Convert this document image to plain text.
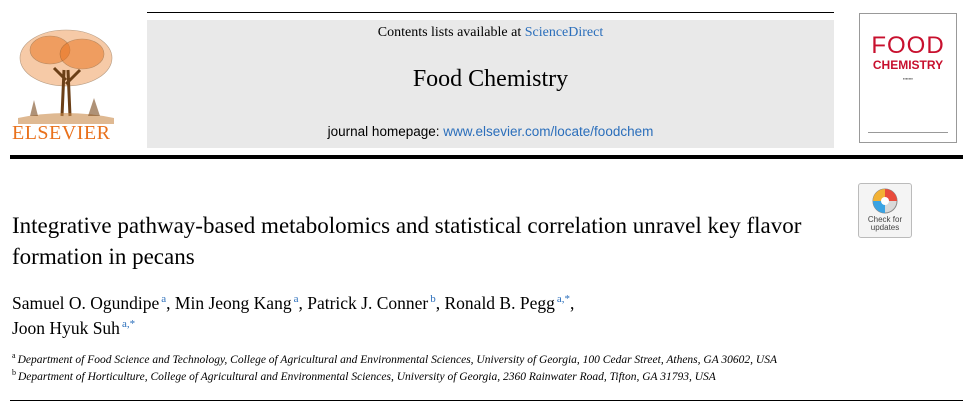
ELSEVIER
Contents lists available at ScienceDirect
Food Chemistry
journal homepage: www.elsevier.com/locate/foodchem
FOOD
CHEMISTRY
▪▪▪▪▪▪▪
Check for
updates
Integrative pathway-based metabolomics and statistical correlation unravel key flavor formation in pecans
Samuel O. Ogundipe $^a$, Min Jeong Kang $^a$, Patrick J. Conner $^b$, Ronald B. Pegg $^{a,*}$,
Joon Hyuk Suh $^{a,*}$
$^a$ Department of Food Science and Technology, College of Agricultural and Environmental Sciences, University of Georgia, 100 Cedar Street, Athens, GA 30602, USA
$^b$ Department of Horticulture, College of Agricultural and Environmental Sciences, University of Georgia, 2360 Rainwater Road, Tifton, GA 31793, USA
